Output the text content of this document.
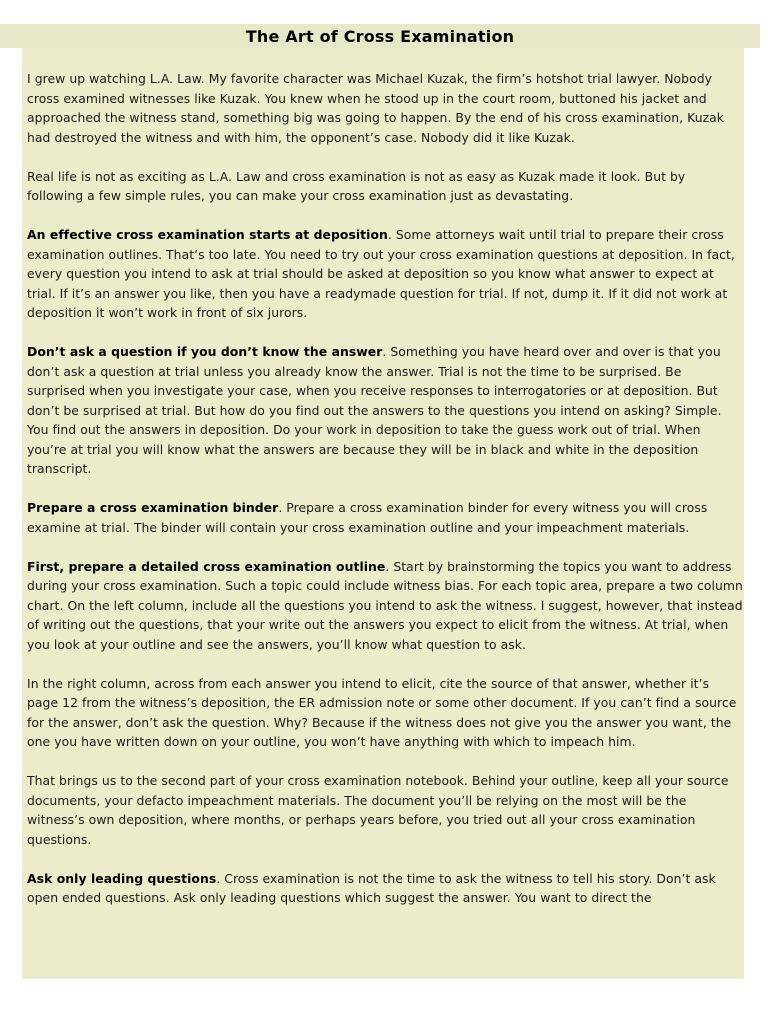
The Art of Cross Examination

I grew up watching L.A. Law. My favorite character was Michael Kuzak, the firm’s hotshot trial lawyer. Nobody cross examined witnesses like Kuzak. You knew when he stood up in the court room, buttoned his jacket and approached the witness stand, something big was going to happen. By the end of his cross examination, Kuzak had destroyed the witness and with him, the opponent’s case. Nobody did it like Kuzak.

Real life is not as exciting as L.A. Law and cross examination is not as easy as Kuzak made it look. But by following a few simple rules, you can make your cross examination just as devastating.

An effective cross examination starts at deposition. Some attorneys wait until trial to prepare their cross examination outlines. That’s too late. You need to try out your cross examination questions at deposition. In fact, every question you intend to ask at trial should be asked at deposition so you know what answer to expect at trial. If it’s an answer you like, then you have a readymade question for trial. If not, dump it. If it did not work at deposition it won’t work in front of six jurors.

Don’t ask a question if you don’t know the answer. Something you have heard over and over is that you don’t ask a question at trial unless you already know the answer. Trial is not the time to be surprised. Be surprised when you investigate your case, when you receive responses to interrogatories or at deposition. But don’t be surprised at trial. But how do you find out the answers to the questions you intend on asking? Simple. You find out the answers in deposition. Do your work in deposition to take the guess work out of trial. When you’re at trial you will know what the answers are because they will be in black and white in the deposition transcript.

Prepare a cross examination binder. Prepare a cross examination binder for every witness you will cross examine at trial. The binder will contain your cross examination outline and your impeachment materials.

First, prepare a detailed cross examination outline. Start by brainstorming the topics you want to address during your cross examination. Such a topic could include witness bias. For each topic area, prepare a two column chart. On the left column, include all the questions you intend to ask the witness. I suggest, however, that instead of writing out the questions, that your write out the answers you expect to elicit from the witness. At trial, when you look at your outline and see the answers, you’ll know what question to ask.

In the right column, across from each answer you intend to elicit, cite the source of that answer, whether it’s page 12 from the witness’s deposition, the ER admission note or some other document. If you can’t find a source for the answer, don’t ask the question. Why? Because if the witness does not give you the answer you want, the one you have written down on your outline, you won’t have anything with which to impeach him.

That brings us to the second part of your cross examination notebook. Behind your outline, keep all your source documents, your defacto impeachment materials. The document you’ll be relying on the most will be the witness’s own deposition, where months, or perhaps years before, you tried out all your cross examination questions.

Ask only leading questions. Cross examination is not the time to ask the witness to tell his story. Don’t ask open ended questions. Ask only leading questions which suggest the answer. You want to direct the
